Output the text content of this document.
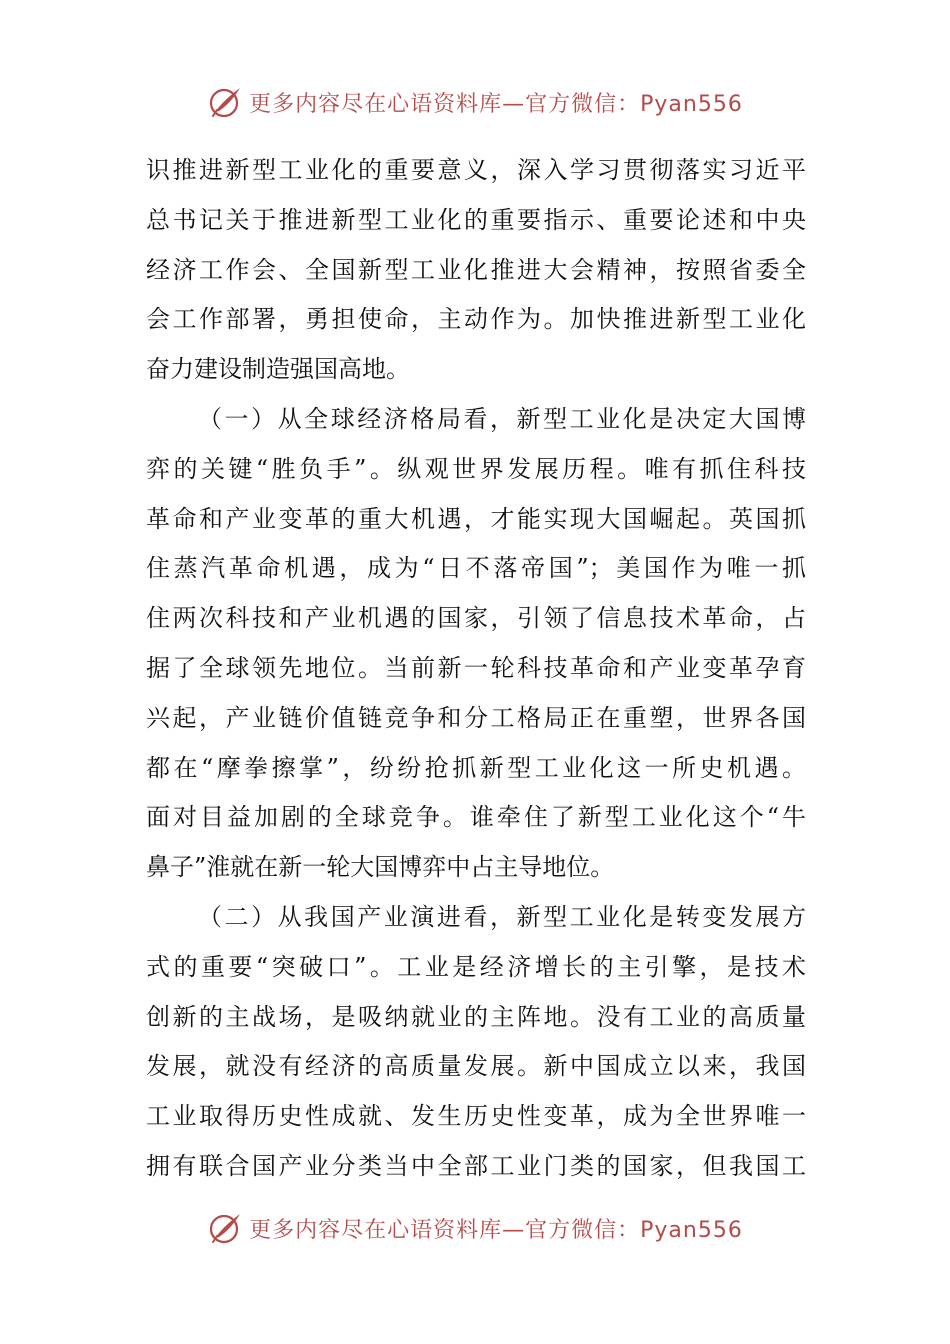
更多内容尽在心语资料库—官方微信：Pyan556
识推进新型工业化的重要意义，深入学习贯彻落实习近平
总书记关于推进新型工业化的重要指示、重要论述和中央
经济工作会、全国新型工业化推进大会精神，按照省委全
会工作部署，勇担使命，主动作为。加快推进新型工业化
奋力建设制造强国高地。
（一）从全球经济格局看，新型工业化是决定大国博
弈的关键“胜负手”。纵观世界发展历程。唯有抓住科技
革命和产业变革的重大机遇，才能实现大国崛起。英国抓
住蒸汽革命机遇，成为“日不落帝国”；美国作为唯一抓
住两次科技和产业机遇的国家，引领了信息技术革命，占
据了全球领先地位。当前新一轮科技革命和产业变革孕育
兴起，产业链价值链竞争和分工格局正在重塑，世界各国
都在“摩拳擦掌”，纷纷抢抓新型工业化这一所史机遇。
面对目益加剧的全球竞争。谁牵住了新型工业化这个“牛
鼻子”淮就在新一轮大国博弈中占主导地位。
（二）从我国产业演进看，新型工业化是转变发展方
式的重要“突破口”。工业是经济增长的主引擎，是技术
创新的主战场，是吸纳就业的主阵地。没有工业的高质量
发展，就没有经济的高质量发展。新中国成立以来，我国
工业取得历史性成就、发生历史性变革，成为全世界唯一
拥有联合国产业分类当中全部工业门类的国家，但我国工
更多内容尽在心语资料库—官方微信：Pyan556
